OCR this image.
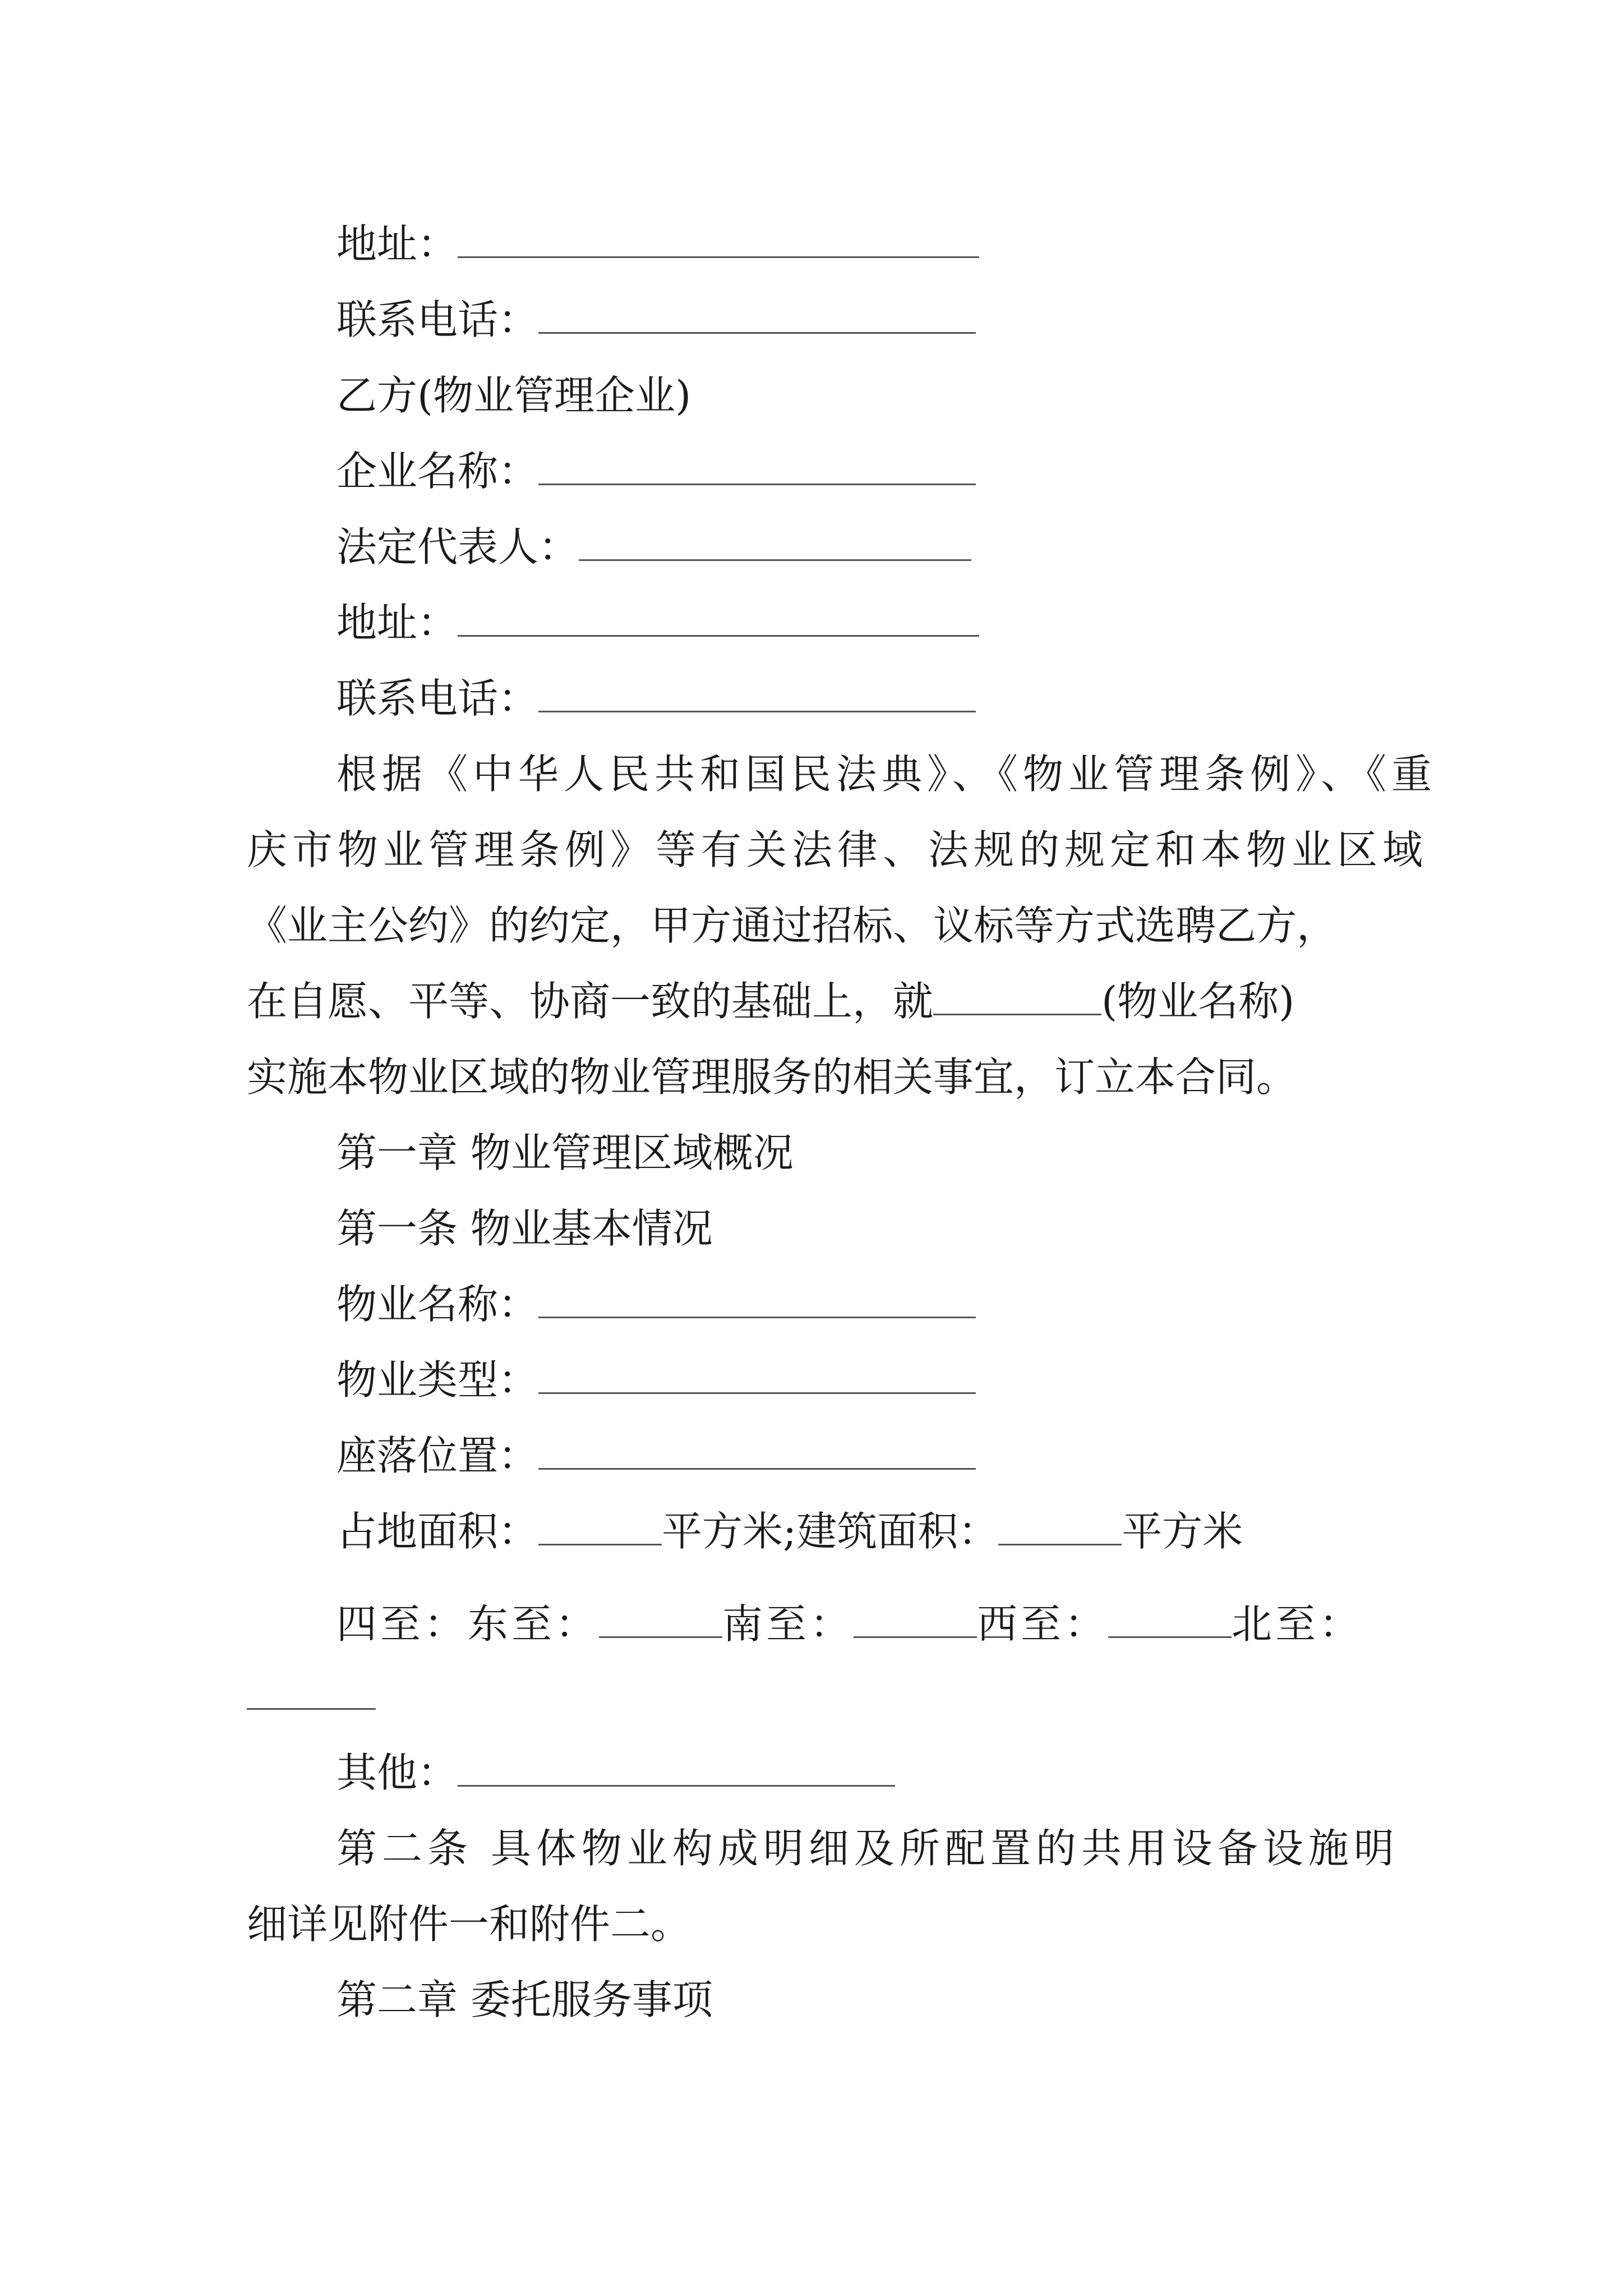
地址：
联系电话：
乙方(物业管理企业)
企业名称：
法定代表人：
地址：
联系电话：
根据《中华人民共和国民法典》、《物业管理条例》、《重
庆市物业管理条例》等有关法律、法规的规定和本物业区域
《业主公约》的约定，甲方通过招标、议标等方式选聘乙方，
在自愿、平等、协商一致的基础上，就	(物业名称)
实施本物业区域的物业管理服务的相关事宜，订立本合同。
第一章 物业管理区域概况
第一条 物业基本情况
物业名称：
物业类型：
座落位置：
占地面积：	平方米;建筑面积：	平方米
四至：东至：	南至：	西至：	北至：
其他：
第二条 具体物业构成明细及所配置的共用设备设施明
细详见附件一和附件二。
第二章 委托服务事项
